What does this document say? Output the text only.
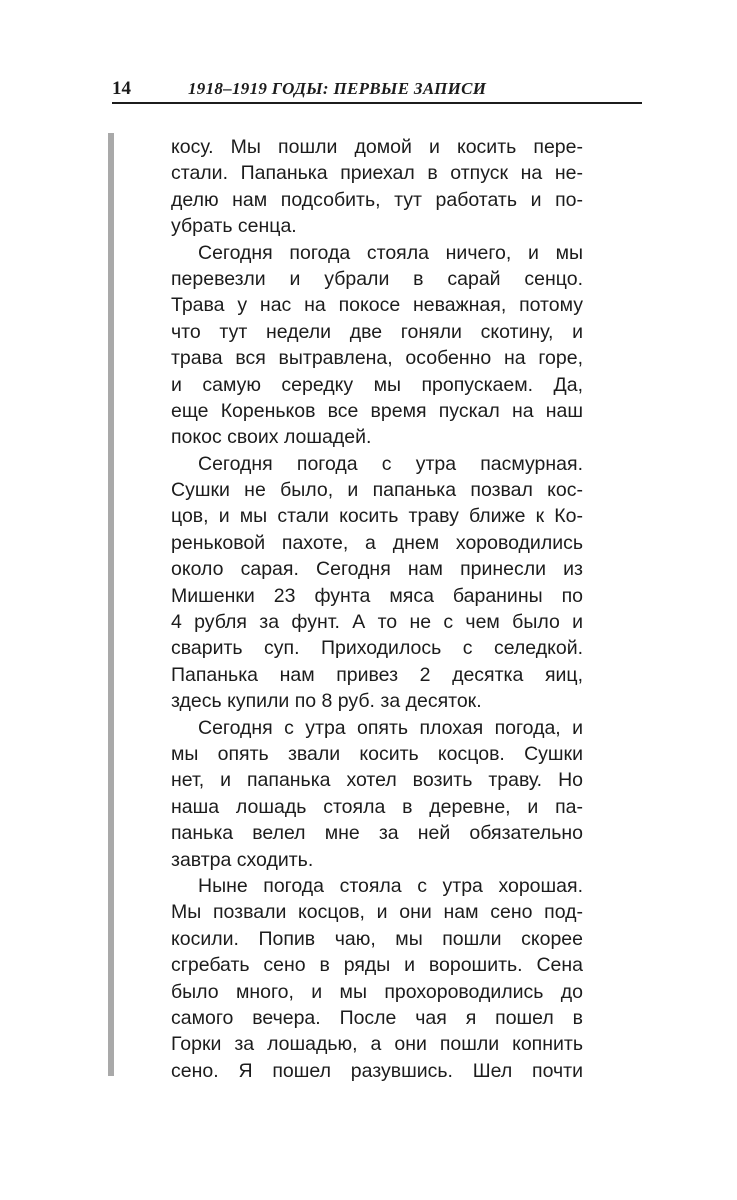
14	1918–1919 ГОДЫ: ПЕРВЫЕ ЗАПИСИ
косу. Мы пошли домой и косить пере-
стали. Папанька приехал в отпуск на не-
делю нам подсобить, тут работать и по-
убрать сенца.
Сегодня погода стояла ничего, и мы
перевезли и убрали в сарай сенцо.
Трава у нас на покосе неважная, потому
что тут недели две гоняли скотину, и
трава вся вытравлена, особенно на горе,
и самую середку мы пропускаем. Да,
еще Кореньков все время пускал на наш
покос своих лошадей.
Сегодня погода с утра пасмурная.
Сушки не было, и папанька позвал кос-
цов, и мы стали косить траву ближе к Ко-
реньковой пахоте, а днем хороводились
около сарая. Сегодня нам принесли из
Мишенки 23 фунта мяса баранины по
4 рубля за фунт. А то не с чем было и
сварить суп. Приходилось с селедкой.
Папанька нам привез 2 десятка яиц,
здесь купили по 8 руб. за десяток.
Сегодня с утра опять плохая погода, и
мы опять звали косить косцов. Сушки
нет, и папанька хотел возить траву. Но
наша лошадь стояла в деревне, и па-
панька велел мне за ней обязательно
завтра сходить.
Ныне погода стояла с утра хорошая.
Мы позвали косцов, и они нам сено под-
косили. Попив чаю, мы пошли скорее
сгребать сено в ряды и ворошить. Сена
было много, и мы прохороводились до
самого вечера. После чая я пошел в
Горки за лошадью, а они пошли копнить
сено. Я пошел разувшись. Шел почти
